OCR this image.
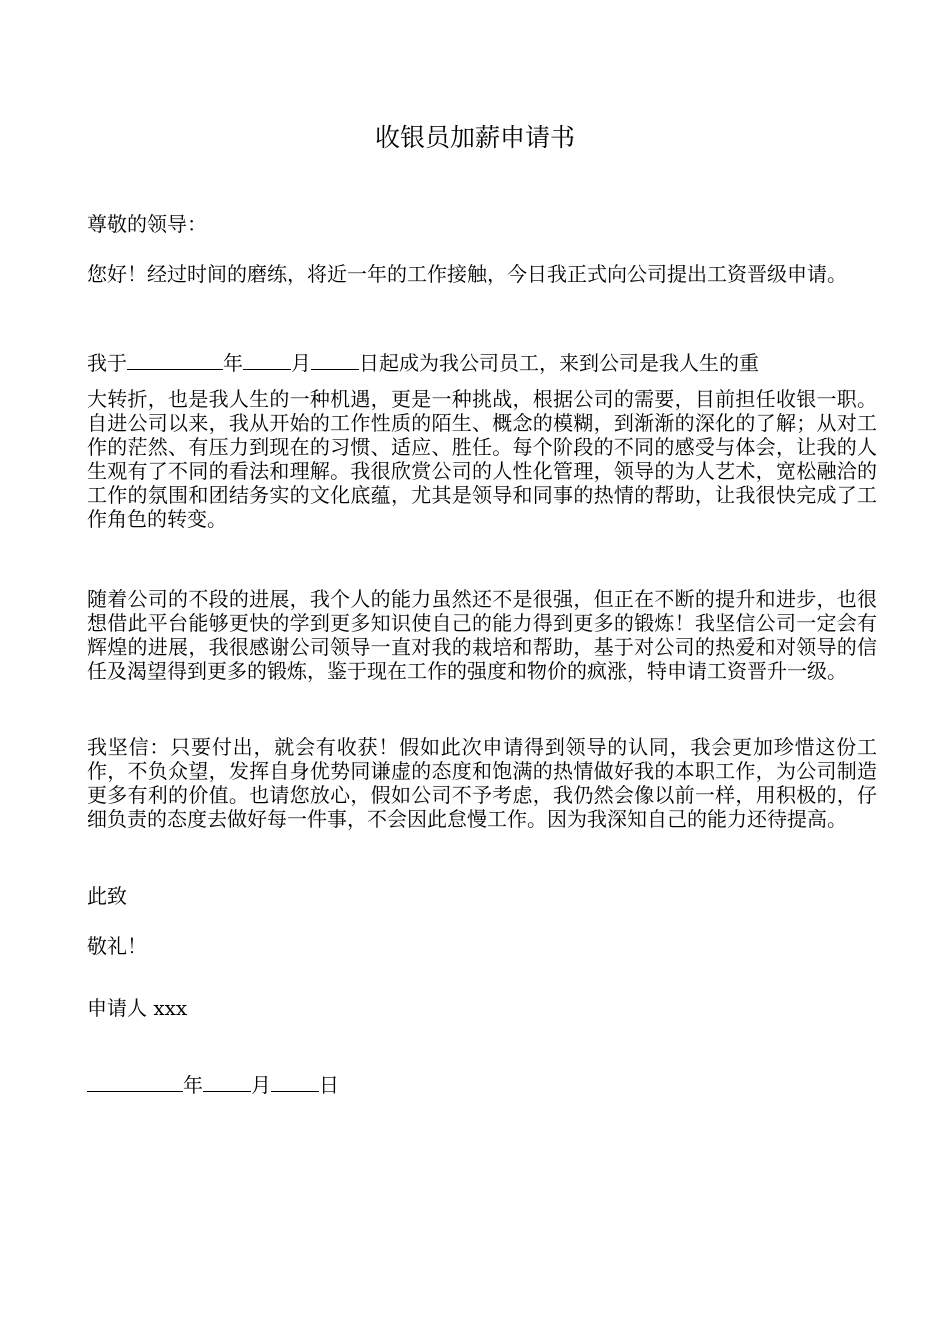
收银员加薪申请书

尊敬的领导：

您好！经过时间的磨练，将近一年的工作接触，今日我正式向公司提出工资晋级申请。

我于	年 月 日起成为我公司员工，来到公司是我人生的重

大转折，也是我人生的一种机遇，更是一种挑战，根据公司的需要，目前担任收银一职。自进公司以来，我从开始的工作性质的陌生、概念的模糊，到渐渐的深化的了解；从对工作的茫然、有压力到现在的习惯、适应、胜任。每个阶段的不同的感受与体会，让我的人生观有了不同的看法和理解。我很欣赏公司的人性化管理，领导的为人艺术，宽松融洽的工作的氛围和团结务实的文化底蕴，尤其是领导和同事的热情的帮助，让我很快完成了工作角色的转变。

随着公司的不段的进展，我个人的能力虽然还不是很强，但正在不断的提升和进步，也很想借此平台能够更快的学到更多知识使自己的能力得到更多的锻炼！我坚信公司一定会有辉煌的进展，我很感谢公司领导一直对我的栽培和帮助，基于对公司的热爱和对领导的信任及渴望得到更多的锻炼，鉴于现在工作的强度和物价的疯涨，特申请工资晋升一级。

我坚信：只要付出，就会有收获！假如此次申请得到领导的认同，我会更加珍惜这份工作，不负众望，发挥自身优势同谦虚的态度和饱满的热情做好我的本职工作，为公司制造更多有利的价值。也请您放心，假如公司不予考虑，我仍然会像以前一样，用积极的，仔细负责的态度去做好每一件事，不会因此怠慢工作。因为我深知自己的能力还待提高。

此致

敬礼！

申请人 xxx

年 月 日
